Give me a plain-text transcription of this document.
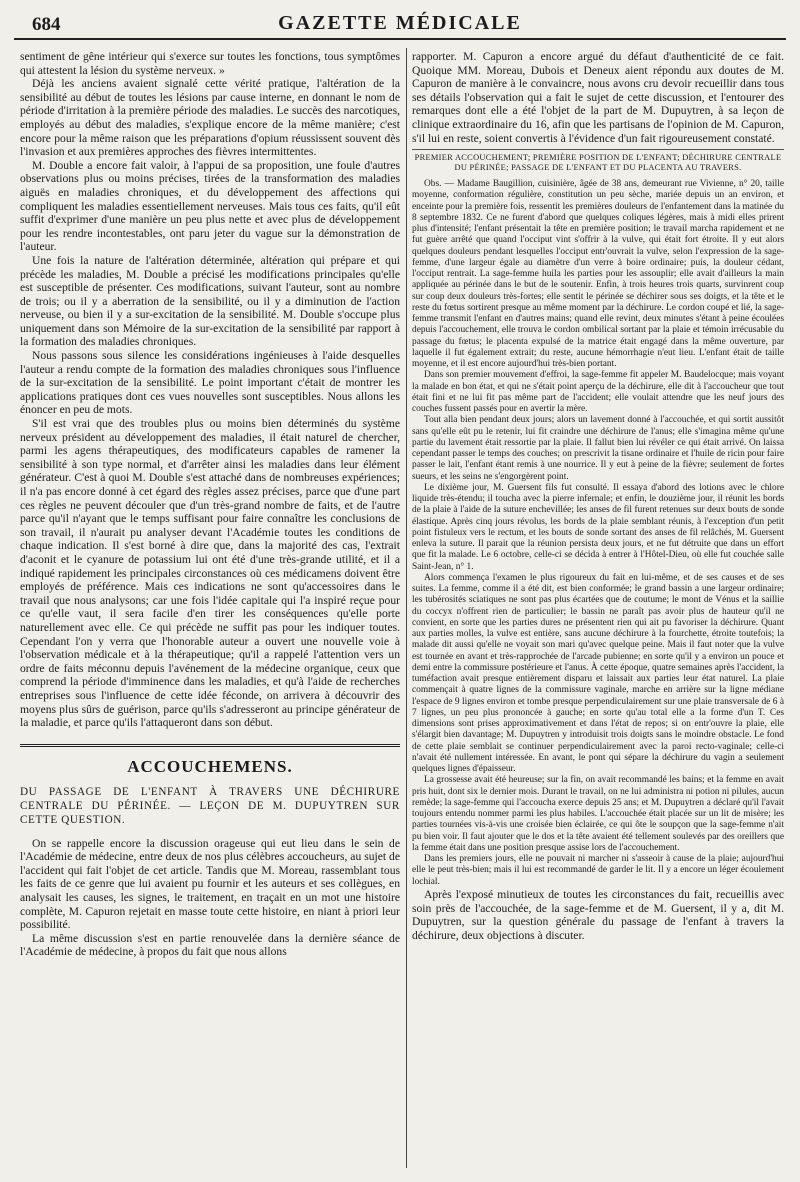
684	GAZETTE MÉDICALE

sentiment de gêne intérieur qui s'exerce sur toutes les fonctions, tous symptômes qui attestent la lésion du système nerveux. »

Déjà les anciens avaient signalé cette vérité pratique, l'altération de la sensibilité au début de toutes les lésions par cause interne, en donnant le nom de période d'irritation à la première période des maladies. Le succès des narcotiques, employés au début des maladies, s'explique encore de la même manière; c'est encore pour la même raison que les préparations d'opium réussissent souvent dès l'invasion et aux premières approches des fièvres intermittentes.

M. Double a encore fait valoir, à l'appui de sa proposition, une foule d'autres observations plus ou moins précises, tirées de la transformation des maladies aiguës en maladies chroniques, et du développement des affections qui compliquent les maladies essentiellement nerveuses. Mais tous ces faits, qu'il eût suffit d'exprimer d'une manière un peu plus nette et avec plus de développement pour les rendre incontestables, ont paru jeter du vague sur la démonstration de l'auteur.

Une fois la nature de l'altération déterminée, altération qui prépare et qui précède les maladies, M. Double a précisé les modifications principales qu'elle est susceptible de présenter. Ces modifications, suivant l'auteur, sont au nombre de trois; ou il y a aberration de la sensibilité, ou il y a diminution de l'action nerveuse, ou bien il y a sur-excitation de la sensibilité. M. Double s'occupe plus uniquement dans son Mémoire de la sur-excitation de la sensibilité par rapport à la formation des maladies chroniques.

Nous passons sous silence les considérations ingénieuses à l'aide desquelles l'auteur a rendu compte de la formation des maladies chroniques sous l'influence de la sur-excitation de la sensibilité. Le point important c'était de montrer les applications pratiques dont ces vues nouvelles sont susceptibles. Nous allons les énoncer en peu de mots.

S'il est vrai que des troubles plus ou moins bien déterminés du système nerveux président au développement des maladies, il était naturel de chercher, parmi les agens thérapeutiques, des modificateurs capables de ramener la sensibilité à son type normal, et d'arrêter ainsi les maladies dans leur élément générateur. C'est à quoi M. Double s'est attaché dans de nombreuses expériences; il n'a pas encore donné à cet égard des règles assez précises, parce que d'une part ces règles ne peuvent découler que d'un très-grand nombre de faits, et de l'autre parce qu'il n'ayant que le temps suffisant pour faire connaître les conclusions de son travail, il n'aurait pu analyser devant l'Académie toutes les conditions de chaque indication. Il s'est borné à dire que, dans la majorité des cas, l'extrait d'aconit et le cyanure de potassium lui ont été d'une très-grande utilité, et il a indiqué rapidement les principales circonstances où ces médicamens doivent être employés de préférence. Mais ces indications ne sont qu'accessoires dans le travail que nous analysons; car une fois l'idée capitale qui l'a inspiré reçue pour ce qu'elle vaut, il sera facile d'en tirer les conséquences qu'elle porte naturellement avec elle. Ce qui précède ne suffit pas pour les indiquer toutes. Cependant l'on y verra que l'honorable auteur a ouvert une nouvelle voie à l'observation médicale et à la thérapeutique; qu'il a rappelé l'attention vers un ordre de faits méconnu depuis l'avénement de la médecine organique, ceux que comprend la période d'imminence dans les maladies, et qu'à l'aide de recherches entreprises sous l'influence de cette idée féconde, on arrivera à découvrir des moyens plus sûrs de guérison, parce qu'ils s'adresseront au principe générateur de la maladie, et parce qu'ils l'attaqueront dans son début.

ACCOUCHEMENS.
DU PASSAGE DE L'ENFANT À TRAVERS UNE DÉCHIRURE CENTRALE DU PÉRINÉE. — LEÇON DE M. DUPUYTREN SUR CETTE QUESTION.

On se rappelle encore la discussion orageuse qui eut lieu dans le sein de l'Académie de médecine, entre deux de nos plus célèbres accoucheurs, au sujet de l'accident qui fait l'objet de cet article. Tandis que M. Moreau, rassemblant tous les faits de ce genre que lui avaient pu fournir et les auteurs et ses collègues, en analysait les causes, les signes, le traitement, en traçait en un mot une histoire complète, M. Capuron rejetait en masse toute cette histoire, en niant à priori leur possibilité.

La même discussion s'est en partie renouvelée dans la dernière séance de l'Académie de médecine, à propos du fait que nous allons

rapporter. M. Capuron a encore argué du défaut d'authenticité de ce fait. Quoique MM. Moreau, Dubois et Deneux aient répondu aux doutes de M. Capuron de manière à le convaincre, nous avons cru devoir recueillir dans tous ses détails l'observation qui a fait le sujet de cette discussion, et l'entourer des remarques dont elle a été l'objet de la part de M. Dupuytren, à sa leçon de clinique extraordinaire du 16, afin que les partisans de l'opinion de M. Capuron, s'il lui en reste, soient convertis à l'évidence d'un fait rigoureusement constaté.

PREMIER ACCOUCHEMENT; PREMIÈRE POSITION DE L'ENFANT; DÉCHIRURE CENTRALE DU PÉRINÉE; PASSAGE DE L'ENFANT ET DU PLACENTA AU TRAVERS.

Obs. — Madame Baugillion, cuisinière, âgée de 38 ans, demeurant rue Vivienne, n° 20, taille moyenne, conformation régulière, constitution un peu sèche, mariée depuis un an environ, et enceinte pour la première fois, ressentit les premières douleurs de l'enfantement dans la matinée du 8 septembre 1832. Ce ne furent d'abord que quelques coliques légères, mais à midi elles prirent plus d'intensité; l'enfant présentait la tête en première position; le travail marcha rapidement et ne fut guère arrêté que quand l'occiput vint s'offrir à la vulve, qui était fort étroite. Il y eut alors quelques douleurs pendant lesquelles l'occiput entr'ouvrait la vulve, selon l'expression de la sage-femme, d'une largeur égale au diamètre d'un verre à boire ordinaire; puis, la douleur cédant, l'occiput rentrait. La sage-femme huila les parties pour les assouplir; elle avait d'ailleurs la main appliquée au périnée dans le but de le soutenir. Enfin, à trois heures trois quarts, survinrent coup sur coup deux douleurs très-fortes; elle sentit le périnée se déchirer sous ses doigts, et la tête et le reste du fœtus sortirent presque au même moment par la déchirure. Le cordon coupé et lié, la sage-femme transmit l'enfant en d'autres mains; quand elle revint, deux minutes s'étant à peine écoulées depuis l'accouchement, elle trouva le cordon ombilical sortant par la plaie et témoin irrécusable du passage du fœtus; le placenta expulsé de la matrice était engagé dans la même ouverture, par laquelle il fut également extrait; du reste, aucune hémorrhagie n'eut lieu. L'enfant était de taille moyenne, et il est encore aujourd'hui très-bien portant.

Dans son premier mouvement d'effroi, la sage-femme fit appeler M. Baudelocque; mais voyant la malade en bon état, et qui ne s'était point aperçu de la déchirure, elle dit à l'accoucheur que tout était fini et ne lui fit pas même part de l'accident; elle voulait attendre que les neuf jours des couches fussent passés pour en avertir la mère.

Tout alla bien pendant deux jours; alors un lavement donné à l'accouchée, et qui sortit aussitôt sans qu'elle eût pu le retenir, lui fit craindre une déchirure de l'anus; elle s'imagina même qu'une partie du lavement était ressortie par la plaie. Il fallut bien lui révéler ce qui était arrivé. On laissa cependant passer le temps des couches; on prescrivit la tisane ordinaire et l'huile de ricin pour faire passer le lait, l'enfant étant remis à une nourrice. Il y eut à peine de la fièvre; seulement de fortes sueurs, et les seins ne s'engorgèrent point.

Le dixième jour, M. Guersent fils fut consulté. Il essaya d'abord des lotions avec le chlore liquide très-étendu; il toucha avec la pierre infernale; et enfin, le douzième jour, il réunit les bords de la plaie à l'aide de la suture enchevillée; les anses de fil furent retenues sur deux bouts de sonde élastique. Après cinq jours révolus, les bords de la plaie semblant réunis, à l'exception d'un petit point fistuleux vers le rectum, et les bouts de sonde sortant des anses de fil relâchés, M. Guersent enleva la suture. Il parait que la réunion persista deux jours, et ne fut détruite que dans un effort que fit la malade. Le 6 octobre, celle-ci se décida à entrer à l'Hôtel-Dieu, où elle fut couchée salle Saint-Jean, n° 1.

Alors commença l'examen le plus rigoureux du fait en lui-même, et de ses causes et de ses suites. La femme, comme il a été dit, est bien conformée; le grand bassin a une largeur ordinaire; les tubérosités sciatiques ne sont pas plus écartées que de coutume; le mont de Vénus et la saillie du coccyx n'offrent rien de particulier; le bassin ne paraît pas avoir plus de hauteur qu'il ne convient, en sorte que les parties dures ne présentent rien qui ait pu favoriser la déchirure. Quant aux parties molles, la vulve est entière, sans aucune déchirure à la fourchette, étroite toutefois; la malade dit aussi qu'elle ne voyait son mari qu'avec quelque peine. Mais il faut noter que la vulve est tournée en avant et très-rapprochée de l'arcade pubienne; en sorte qu'il y a environ un pouce et demi entre la commissure postérieure et l'anus. À cette époque, quatre semaines après l'accident, la tuméfaction avait presque entièrement disparu et laissait aux parties leur état naturel. La plaie commençait à quatre lignes de la commissure vaginale, marche en arrière sur la ligne médiane l'espace de 9 lignes environ et tombe presque perpendiculairement sur une plaie transversale de 6 à 7 lignes, un peu plus prononcée à gauche; en sorte qu'au total elle a la forme d'un T. Ces dimensions sont prises approximativement et dans l'état de repos; si on entr'ouvre la plaie, elle s'élargit bien davantage; M. Dupuytren y introduisit trois doigts sans le moindre obstacle. Le fond de cette plaie semblait se continuer perpendiculairement avec la paroi recto-vaginale; celle-ci n'avait été nullement intéressée. En avant, le pont qui sépare la déchirure du vagin a seulement quelques lignes d'épaisseur.

La grossesse avait été heureuse; sur la fin, on avait recommandé les bains; et la femme en avait pris huit, dont six le dernier mois. Durant le travail, on ne lui administra ni potion ni pilules, aucun remède; la sage-femme qui l'accoucha exerce depuis 25 ans; et M. Dupuytren a déclaré qu'il l'avait toujours entendu nommer parmi les plus habiles. L'accouchée était placée sur un lit de misère; les parties tournées vis-à-vis une croisée bien éclairée, ce qui ôte le soupçon que la sage-femme n'ait pu bien voir. Il faut ajouter que le dos et la tête avaient été tellement soulevés par des oreillers que la femme était dans une position presque assise lors de l'accouchement.

Dans les premiers jours, elle ne pouvait ni marcher ni s'asseoir à cause de la plaie; aujourd'hui elle le peut très-bien; mais il lui est recommandé de garder le lit. Il y a encore un léger écoulement lochial.

Après l'exposé minutieux de toutes les circonstances du fait, recueillis avec soin près de l'accouchée, de la sage-femme et de M. Guersent, il y a, dit M. Dupuytren, sur la question générale du passage de l'enfant à travers la déchirure, deux objections à discuter.
